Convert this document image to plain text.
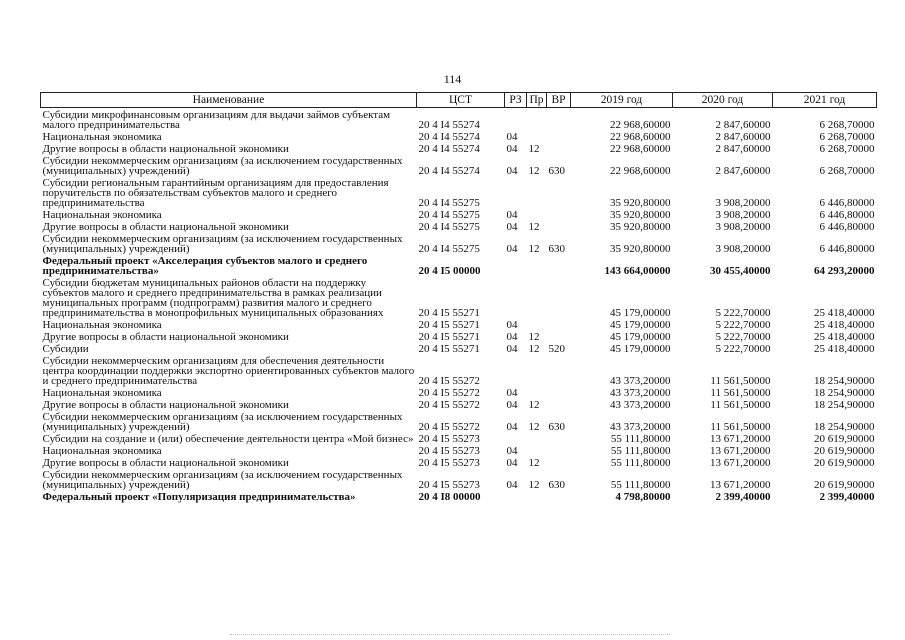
114
Наименование	ЦСТ	РЗ	Пр	ВР	2019 год	2020 год	2021 год
Субсидии микрофинансовым организациям для выдачи займов субъектам малого предпринимательства	20 4 I4 55274				22 968,60000	2 847,60000	6 268,70000
Национальная экономика	20 4 I4 55274	04			22 968,60000	2 847,60000	6 268,70000
Другие вопросы в области национальной экономики	20 4 I4 55274	04	12		22 968,60000	2 847,60000	6 268,70000
Субсидии некоммерческим организациям (за исключением государственных (муниципальных) учреждений)	20 4 I4 55274	04	12	630	22 968,60000	2 847,60000	6 268,70000
Субсидии региональным гарантийным организациям для предоставления поручительств по обязательствам субъектов малого и среднего предпринимательства	20 4 I4 55275				35 920,80000	3 908,20000	6 446,80000
Национальная экономика	20 4 I4 55275	04			35 920,80000	3 908,20000	6 446,80000
Другие вопросы в области национальной экономики	20 4 I4 55275	04	12		35 920,80000	3 908,20000	6 446,80000
Субсидии некоммерческим организациям (за исключением государственных (муниципальных) учреждений)	20 4 I4 55275	04	12	630	35 920,80000	3 908,20000	6 446,80000
Федеральный проект «Акселерация субъектов малого и среднего предпринимательства»	20 4 I5 00000				143 664,00000	30 455,40000	64 293,20000
Субсидии бюджетам муниципальных районов области на поддержку субъектов малого и среднего предпринимательства в рамках реализации муниципальных программ (подпрограмм) развития малого и среднего предпринимательства в монопрофильных муниципальных образованиях	20 4 I5 55271				45 179,00000	5 222,70000	25 418,40000
Национальная экономика	20 4 I5 55271	04			45 179,00000	5 222,70000	25 418,40000
Другие вопросы в области национальной экономики	20 4 I5 55271	04	12		45 179,00000	5 222,70000	25 418,40000
Субсидии	20 4 I5 55271	04	12	520	45 179,00000	5 222,70000	25 418,40000
Субсидии некоммерческим организациям для обеспечения деятельности центра координации поддержки экспортно ориентированных субъектов малого и среднего предпринимательства	20 4 I5 55272				43 373,20000	11 561,50000	18 254,90000
Национальная экономика	20 4 I5 55272	04			43 373,20000	11 561,50000	18 254,90000
Другие вопросы в области национальной экономики	20 4 I5 55272	04	12		43 373,20000	11 561,50000	18 254,90000
Субсидии некоммерческим организациям (за исключением государственных (муниципальных) учреждений)	20 4 I5 55272	04	12	630	43 373,20000	11 561,50000	18 254,90000
Субсидии на создание и (или) обеспечение деятельности центра «Мой бизнес»	20 4 I5 55273				55 111,80000	13 671,20000	20 619,90000
Национальная экономика	20 4 I5 55273	04			55 111,80000	13 671,20000	20 619,90000
Другие вопросы в области национальной экономики	20 4 I5 55273	04	12		55 111,80000	13 671,20000	20 619,90000
Субсидии некоммерческим организациям (за исключением государственных (муниципальных) учреждений)	20 4 I5 55273	04	12	630	55 111,80000	13 671,20000	20 619,90000
Федеральный проект «Популяризация предпринимательства»	20 4 I8 00000				4 798,80000	2 399,40000	2 399,40000
